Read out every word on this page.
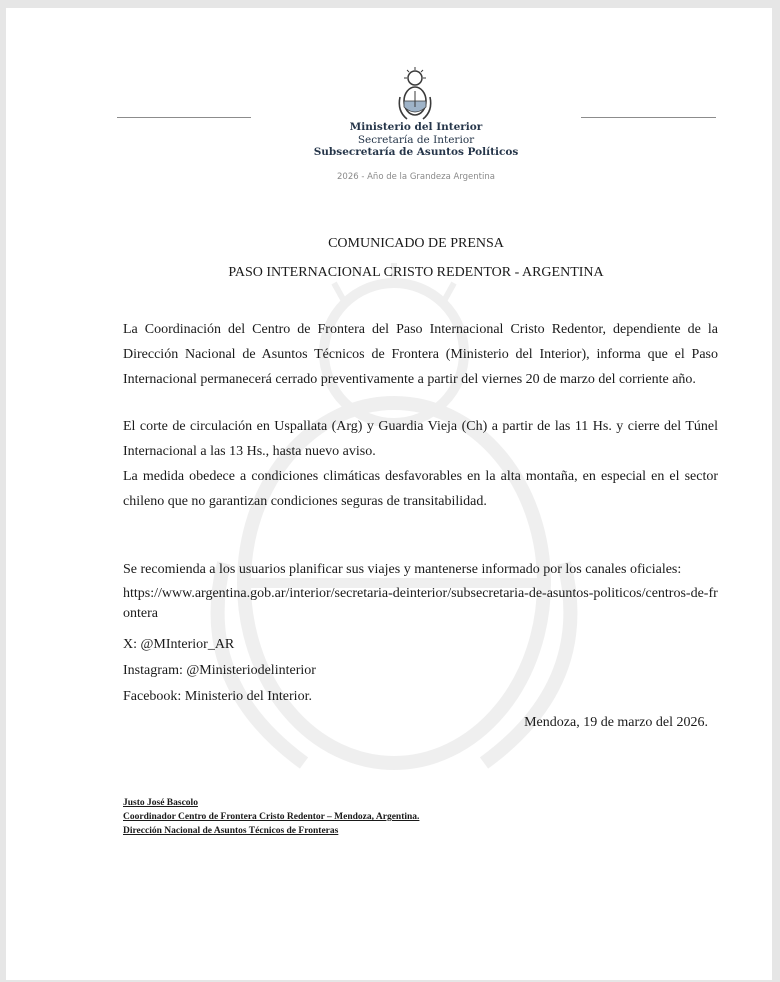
Ministerio del Interior
Secretaría de Interior
Subsecretaría de Asuntos Políticos
2026 - Año de la Grandeza Argentina
COMUNICADO DE PRENSA
PASO INTERNACIONAL CRISTO REDENTOR - ARGENTINA
La Coordinación del Centro de Frontera del Paso Internacional Cristo Redentor, dependiente de la Dirección Nacional de Asuntos Técnicos de Frontera (Ministerio del Interior), informa que el Paso Internacional permanecerá cerrado preventivamente a partir del viernes 20 de marzo del corriente año.
El corte de circulación en Uspallata (Arg) y Guardia Vieja (Ch) a partir de las 11 Hs. y cierre del Túnel Internacional a las 13 Hs., hasta nuevo aviso.
La medida obedece a condiciones climáticas desfavorables en la alta montaña, en especial en el sector chileno que no garantizan condiciones seguras de transitabilidad.
Se recomienda a los usuarios planificar sus viajes y mantenerse informado por los canales oficiales:
https://www.argentina.gob.ar/interior/secretaria-deinterior/subsecretaria-de-asuntos-politicos/centros-de-frontera
X: @MInterior_AR
Instagram: @Ministeriodelinterior
Facebook: Ministerio del Interior.
Mendoza, 19 de marzo del 2026.
Justo José Bascolo
Coordinador Centro de Frontera Cristo Redentor – Mendoza, Argentina.
Dirección Nacional de Asuntos Técnicos de Fronteras
